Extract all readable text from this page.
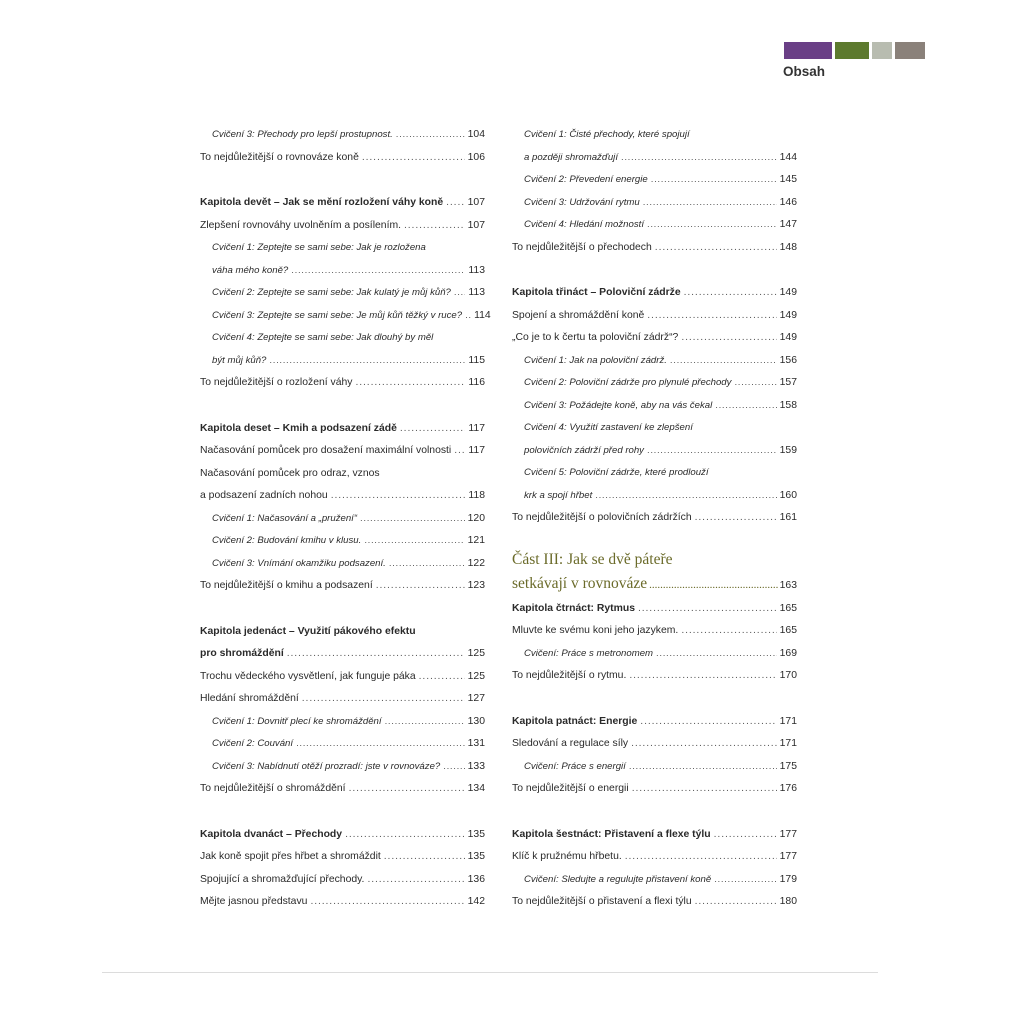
Obsah
Cvičení 3: Přechody pro lepší prostupnost. . . .	104
To nejdůležitější o rovnováze koně . . .	106
Kapitola devět – Jak se mění rozložení váhy koně . . . 107
Zlepšení rovnováhy uvolněním a posílením. . . .	107
Cvičení 1: Zeptejte se sami sebe: Jak je rozložena
váha mého koně? . . .	113
Cvičení 2: Zeptejte se sami sebe: Jak kulatý je můj kůň? . . . 113
Cvičení 3: Zeptejte se sami sebe: Je můj kůň těžký v ruce? . . . 114
Cvičení 4: Zeptejte se sami sebe: Jak dlouhý by měl
být můj kůň? . . .	115
To nejdůležitější o rozložení váhy . . .	116
Kapitola deset – Kmih a podsazení zádě . . .	117
Načasování pomůcek pro dosažení maximální volnosti . . . 117
Načasování pomůcek pro odraz, vznos
a podsazení zadních nohou . . .	118
Cvičení 1: Načasování a „pružení“ . . .	120
Cvičení 2: Budování kmihu v klusu. . . .	121
Cvičení 3: Vnímání okamžiku podsazení. . . .	122
To nejdůležitější o kmihu a podsazení . . .	123
Kapitola jedenáct – Využití pákového efektu
pro shromáždění . . .	125
Trochu vědeckého vysvětlení, jak funguje páka . . .	125
Hledání shromáždění . . .	127
Cvičení 1: Dovnitř plecí ke shromáždění . . .	130
Cvičení 2: Couvání . . .	131
Cvičení 3: Nabídnutí otěží prozradí: jste v rovnováze? . . .	133
To nejdůležitější o shromáždění . . .	134
Kapitola dvanáct – Přechody . . .	135
Jak koně spojit přes hřbet a shromáždit . . .	135
Spojující a shromažďující přechody. . . .	136
Mějte jasnou představu . . .	142
Cvičení 1: Čisté přechody, které spojují
a později shromažďují . . .	144
Cvičení 2: Převedení energie . . .	145
Cvičení 3: Udržování rytmu . . .	146
Cvičení 4: Hledání možností . . .	147
To nejdůležitější o přechodech . . .	148
Kapitola třináct – Poloviční zádrže . . .	149
Spojení a shromáždění koně . . .	149
„Co je to k čertu ta poloviční zádrž“? . . .	149
Cvičení 1: Jak na poloviční zádrž. . . .	156
Cvičení 2: Poloviční zádrže pro plynulé přechody . . .	157
Cvičení 3: Požádejte koně, aby na vás čekal . . .	158
Cvičení 4: Využití zastavení ke zlepšení
polovičních zádrží před rohy . . .	159
Cvičení 5: Poloviční zádrže, které prodlouží
krk a spojí hřbet . . .	160
To nejdůležitější o polovičních zádržích . . .	161
Část III: Jak se dvě páteře
setkávají v rovnováze .....	163
Kapitola čtrnáct: Rytmus . . .	165
Mluvte ke svému koni jeho jazykem. . . .	165
Cvičení: Práce s metronomem . . .	169
To nejdůležitější o rytmu. . . .	170
Kapitola patnáct: Energie . . .	171
Sledování a regulace síly . . .	171
Cvičení: Práce s energií . . .	175
To nejdůležitější o energii . . .	176
Kapitola šestnáct: Přistavení a flexe týlu . . .	177
Klíč k pružnému hřbetu. . . .	177
Cvičení: Sledujte a regulujte přistavení koně . . .	179
To nejdůležitější o přistavení a flexi týlu . . .	180
